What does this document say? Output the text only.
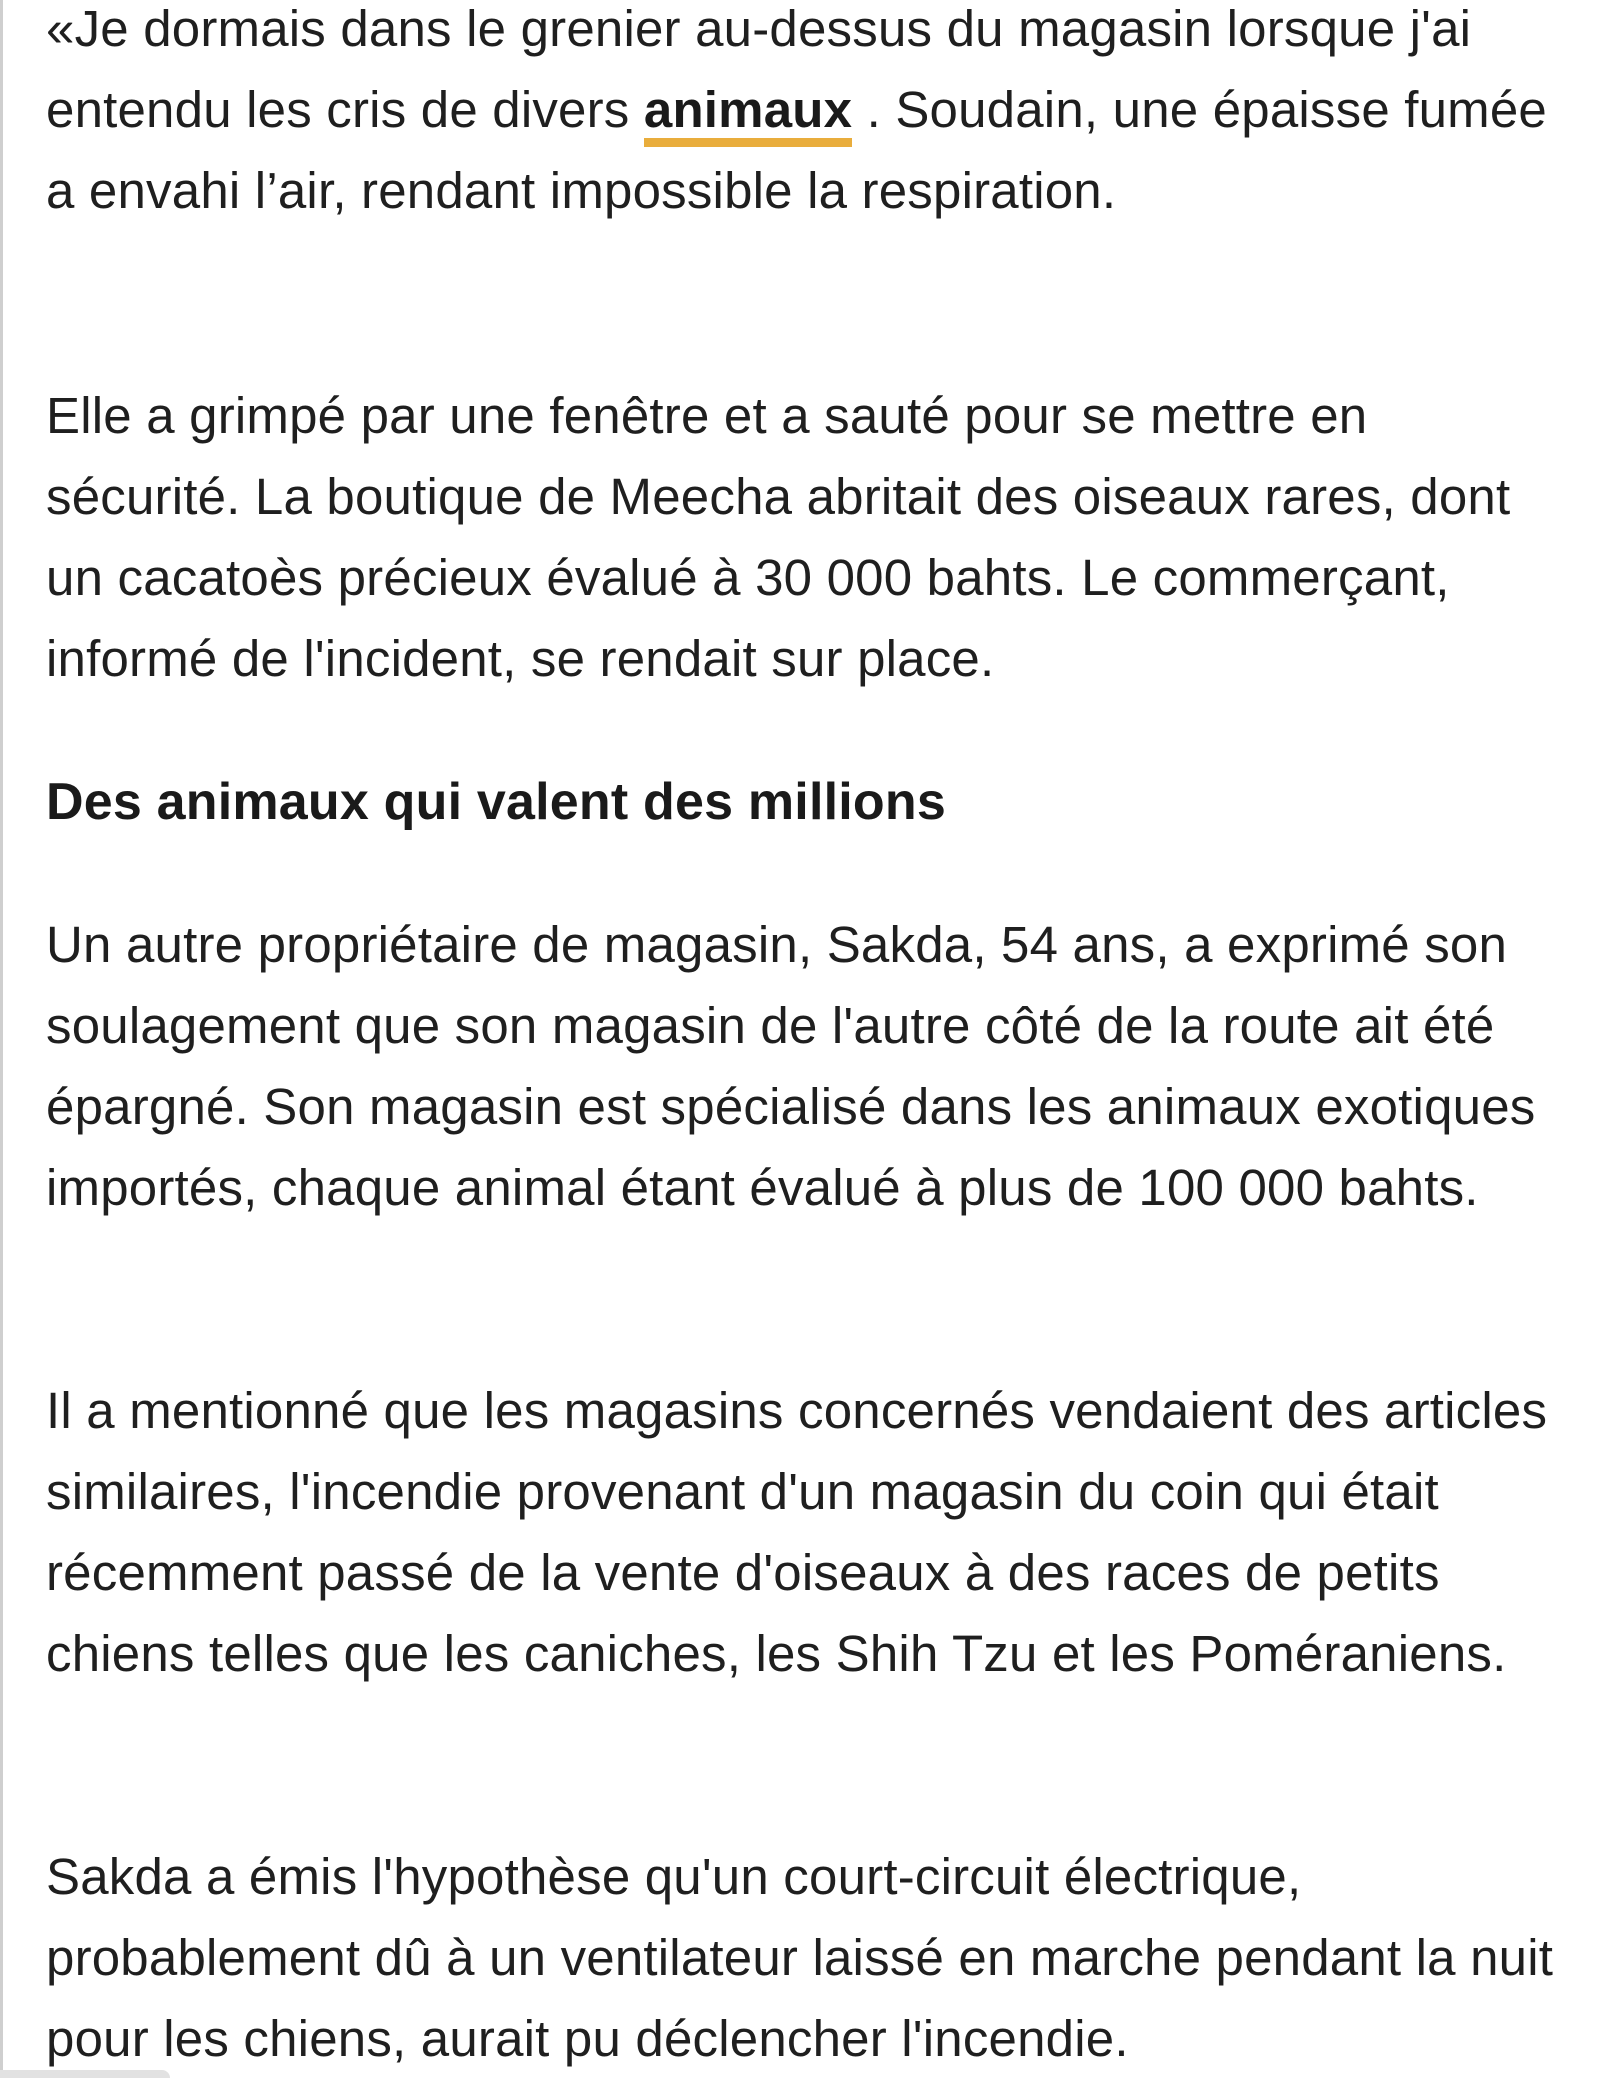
«Je dormais dans le grenier au-dessus du magasin lorsque j'ai entendu les cris de divers animaux . Soudain, une épaisse fumée a envahi l’air, rendant impossible la respiration.

Elle a grimpé par une fenêtre et a sauté pour se mettre en sécurité. La boutique de Meecha abritait des oiseaux rares, dont un cacatoès précieux évalué à 30 000 bahts. Le commerçant, informé de l'incident, se rendait sur place.

Des animaux qui valent des millions

Un autre propriétaire de magasin, Sakda, 54 ans, a exprimé son soulagement que son magasin de l'autre côté de la route ait été épargné. Son magasin est spécialisé dans les animaux exotiques importés, chaque animal étant évalué à plus de 100 000 bahts.

Il a mentionné que les magasins concernés vendaient des articles similaires, l'incendie provenant d'un magasin du coin qui était récemment passé de la vente d'oiseaux à des races de petits chiens telles que les caniches, les Shih Tzu et les Poméraniens.

Sakda a émis l'hypothèse qu'un court-circuit électrique, probablement dû à un ventilateur laissé en marche pendant la nuit pour les chiens, aurait pu déclencher l'incendie.
